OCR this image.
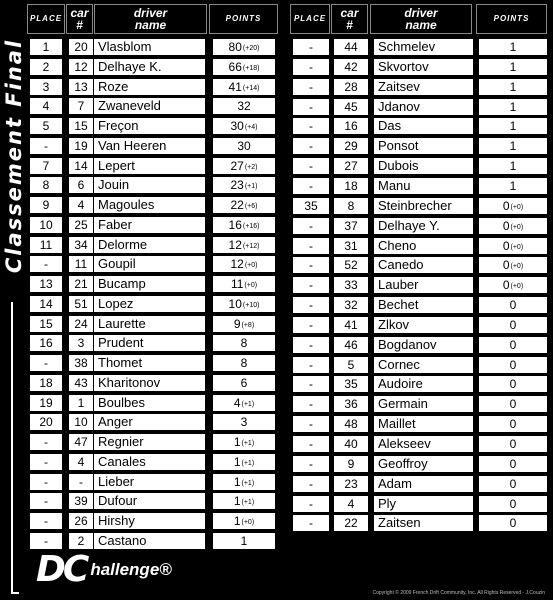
Classement Final
PLACE car
#
driver
name	POINTS	PLACE	car
#
driver
name	POINTS
1	20 Vlasblom	80(+20)
2	12 Delhaye K.	66(+18)
3	13 Roze	41(+14)
4	7	Zwaneveld	32
5	15 Freçon	30(+4)
-	19 Van Heeren	30
7	14 Lepert	27(+2)
8	6	Jouin	23(+1)
9	4	Magoules	22(+6)
10	25 Faber	16(+16)
11	34 Delorme	12(+12)
-	11 Goupil	12(+0)
13	21 Bucamp	11(+0)
14	51 Lopez	10(+10)
15	24 Laurette	9(+8)
16	3	Prudent	8
-	38 Thomet	8
18	43 Kharitonov	6
19	1	Boulbes	4(+1)
20	10 Anger	3
-	47 Regnier	1(+1)
-	4	Canales	1(+1)
-	-	Lieber	1(+1)
-	39 Dufour	1(+1)
-	26 Hirshy	1(+0)
-	2	Castano	1
-	44	Schmelev	1
-	42	Skvortov	1
-	28	Zaitsev	1
-	45	Jdanov	1
-	16	Das	1
-	29	Ponsot	1
-	27	Dubois	1
-	18	Manu	1
35	8	Steinbrecher	0(+0)
-	37	Delhaye Y.	0(+0)
-	31	Cheno	0(+0)
-	52	Canedo	0(+0)
-	33	Lauber	0(+0)
-	32	Bechet	0
-	41	Zlkov	0
-	46	Bogdanov	0
-	5	Cornec	0
-	35	Audoire	0
-	36	Germain	0
-	48	Maillet	0
-	40	Alekseev	0
-	9	Geoffroy	0
-	23	Adam	0
-	4	Ply	0
-	22	Zaitsen	0
DC hallenge®
Copyright © 2009 French Drift Community, Inc. All Rights Reserved - J.Couzin
